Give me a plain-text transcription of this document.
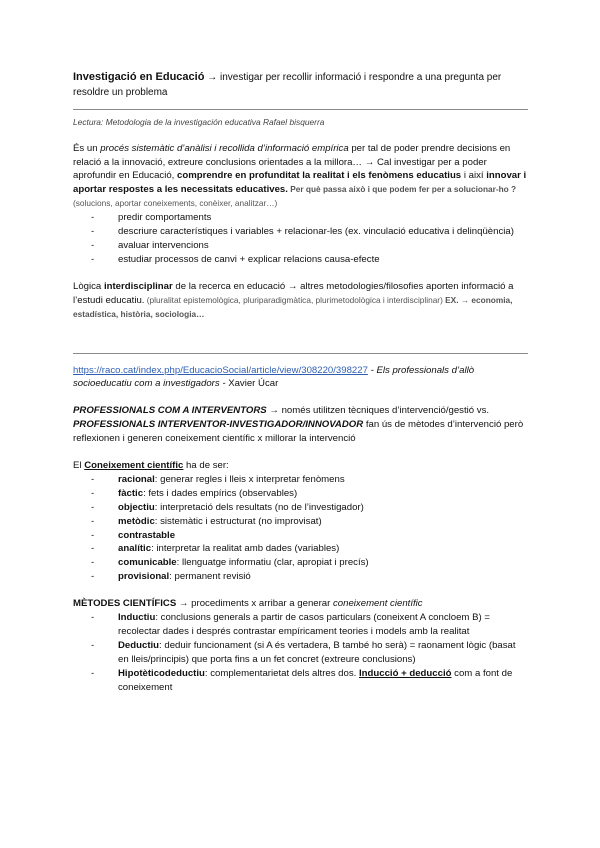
Investigació en Educació → investigar per recollir informació i respondre a una pregunta per resoldre un problema

Lectura: Metodologia de la investigación educativa Rafael bisquerra

És un procés sistemàtic d’anàlisi i recollida d’informació empírica per tal de poder prendre decisions en relació a la innovació, extreure conclusions orientades a la millora… → Cal investigar per a poder aprofundir en Educació, comprendre en profunditat la realitat i els fenòmens educatius i així innovar i aportar respostes a les necessitats educatives. Per què passa això i que podem fer per a solucionar-ho ? (solucions, aportar coneixements, conèixer, analitzar…)

- predir comportaments
- descriure característiques i variables + relacionar-les (ex. vinculació educativa i delinqüència)
- avaluar intervencions
- estudiar processos de canvi + explicar relacions causa-efecte

Lògica interdisciplinar de la recerca en educació → altres metodologies/filosofies aporten informació a l’estudi educatiu. (pluralitat epistemològica, pluriparadigmàtica, plurimetodològica i interdisciplinar) EX. → economia, estadística, història, sociologia…

https://raco.cat/index.php/EducacioSocial/article/view/308220/398227 - Els professionals d’allò socioeducatiu com a investigadors - Xavier Úcar

PROFESSIONALS COM A INTERVENTORS → només utilitzen tècniques d’intervenció/gestió vs. PROFESSIONALS INTERVENTOR-INVESTIGADOR/INNOVADOR fan ús de mètodes d’intervenció però reflexionen i generen coneixement científic x millorar la intervenció

El Coneixement científic ha de ser:

- racional: generar regles i lleis x interpretar fenòmens
- fàctic: fets i dades empírics (observables)
- objectiu: interpretació dels resultats (no de l’investigador)
- metòdic: sistemàtic i estructurat (no improvisat)
- contrastable
- analític: interpretar la realitat amb dades (variables)
- comunicable: llenguatge informatiu (clar, apropiat i precís)
- provisional: permanent revisió

MÈTODES CIENTÍFICS → procediments x arribar a generar coneixement científic

- Inductiu: conclusions generals a partir de casos particulars (coneixent A concloem B) = recolectar dades i després contrastar empíricament teories i models amb la realitat
- Deductiu: deduir funcionament (si A és vertadera, B també ho serà) = raonament lògic (basat en lleis/principis) que porta fins a un fet concret (extreure conclusions)
- Hipotèticodeductiu: complementarietat dels altres dos. Inducció + deducció com a font de coneixement
